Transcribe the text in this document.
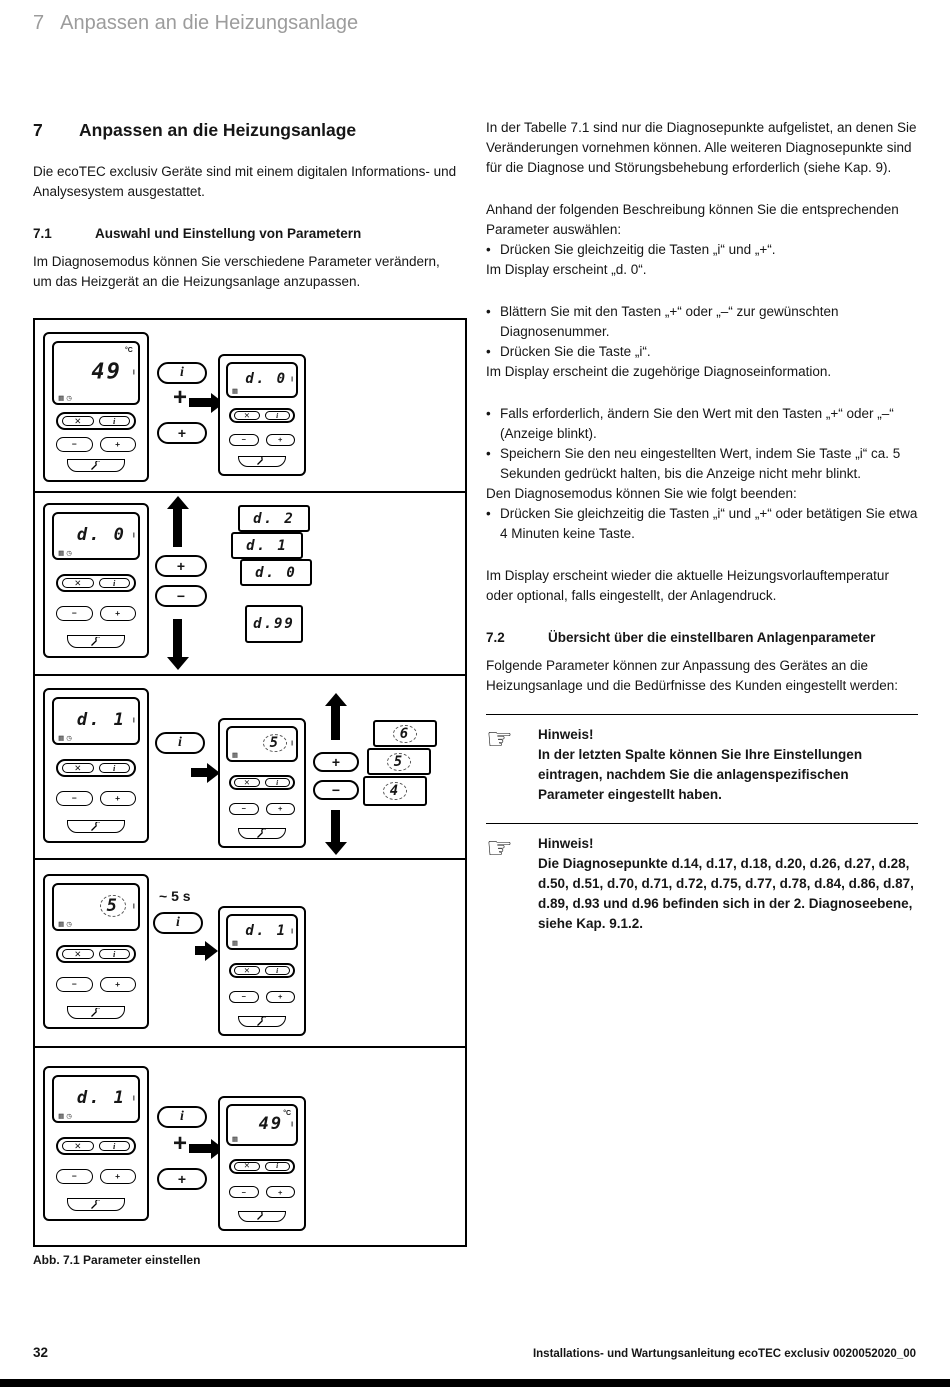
7 Anpassen an die Heizungsanlage
7	Anpassen an die Heizungsanlage

Die ecoTEC exclusiv Geräte sind mit einem digitalen Informations- und Analysesystem ausgestattet.

7.1	Auswahl und Einstellung von Parametern

Im Diagnosemodus können Sie verschiedene Parameter verändern, um das Heizgerät an die Heizungsanlage anzupassen.

49
°C
▦◷
I
✕	i
−	+
i
+
+
d. 0
▦
I
✕	i
−	+
d. 0
▦◷
I
✕	i
−	+
+
−
d. 2
d. 1
d. 0
d.99
d. 1
▦◷
I
✕	i
−	+
i	5
▦
I
✕	i
−	+
+
−
6
5
4
5
▦◷
I
✕	i
−	+
~ 5 s
i
d. 1
▦
I
✕	i
−	+
d. 1
▦◷
I
✕	i
−	+
i
+
+
49
°C
▦
I
✕	i
−	+
Abb. 7.1 Parameter einstellen

In der Tabelle 7.1 sind nur die Diagnosepunkte aufgelistet, an denen Sie Veränderungen vornehmen können. Alle weiteren Diagnosepunkte sind für die Diagnose und Störungsbehebung erforderlich (siehe Kap. 9).

Anhand der folgenden Beschreibung können Sie die entsprechenden Parameter auswählen:

• Drücken Sie gleichzeitig die Tasten „i“ und „+“.

Im Display erscheint „d. 0“.

• Blättern Sie mit den Tasten „+“ oder „–“ zur gewünschten Diagnosenummer.
• Drücken Sie die Taste „i“.

Im Display erscheint die zugehörige Diagnoseinformation.

• Falls erforderlich, ändern Sie den Wert mit den Tasten „+“ oder „–“ (Anzeige blinkt).
• Speichern Sie den neu eingestellten Wert, indem Sie Taste „i“ ca. 5 Sekunden gedrückt halten, bis die Anzeige nicht mehr blinkt.

Den Diagnosemodus können Sie wie folgt beenden:

• Drücken Sie gleichzeitig die Tasten „i“ und „+“ oder betätigen Sie etwa 4 Minuten keine Taste.

Im Display erscheint wieder die aktuelle Heizungsvorlauftemperatur oder optional, falls eingestellt, der Anlagendruck.

7.2	Übersicht über die einstellbaren Anlagenparameter

Folgende Parameter können zur Anpassung des Gerätes an die Heizungsanlage und die Bedürfnisse des Kunden eingestellt werden:

☞	Hinweis!
In der letzten Spalte können Sie Ihre Einstellungen eintragen, nachdem Sie die anlagenspezifischen Parameter eingestellt haben.
☞	Hinweis!
Die Diagnosepunkte d.14, d.17, d.18, d.20, d.26, d.27, d.28, d.50, d.51, d.70, d.71, d.72, d.75, d.77, d.78, d.84, d.86, d.87, d.89, d.93 und d.96 befinden sich in der 2. Diagnoseebene, siehe Kap. 9.1.2.
32	Installations- und Wartungsanleitung ecoTEC exclusiv 0020052020_00
